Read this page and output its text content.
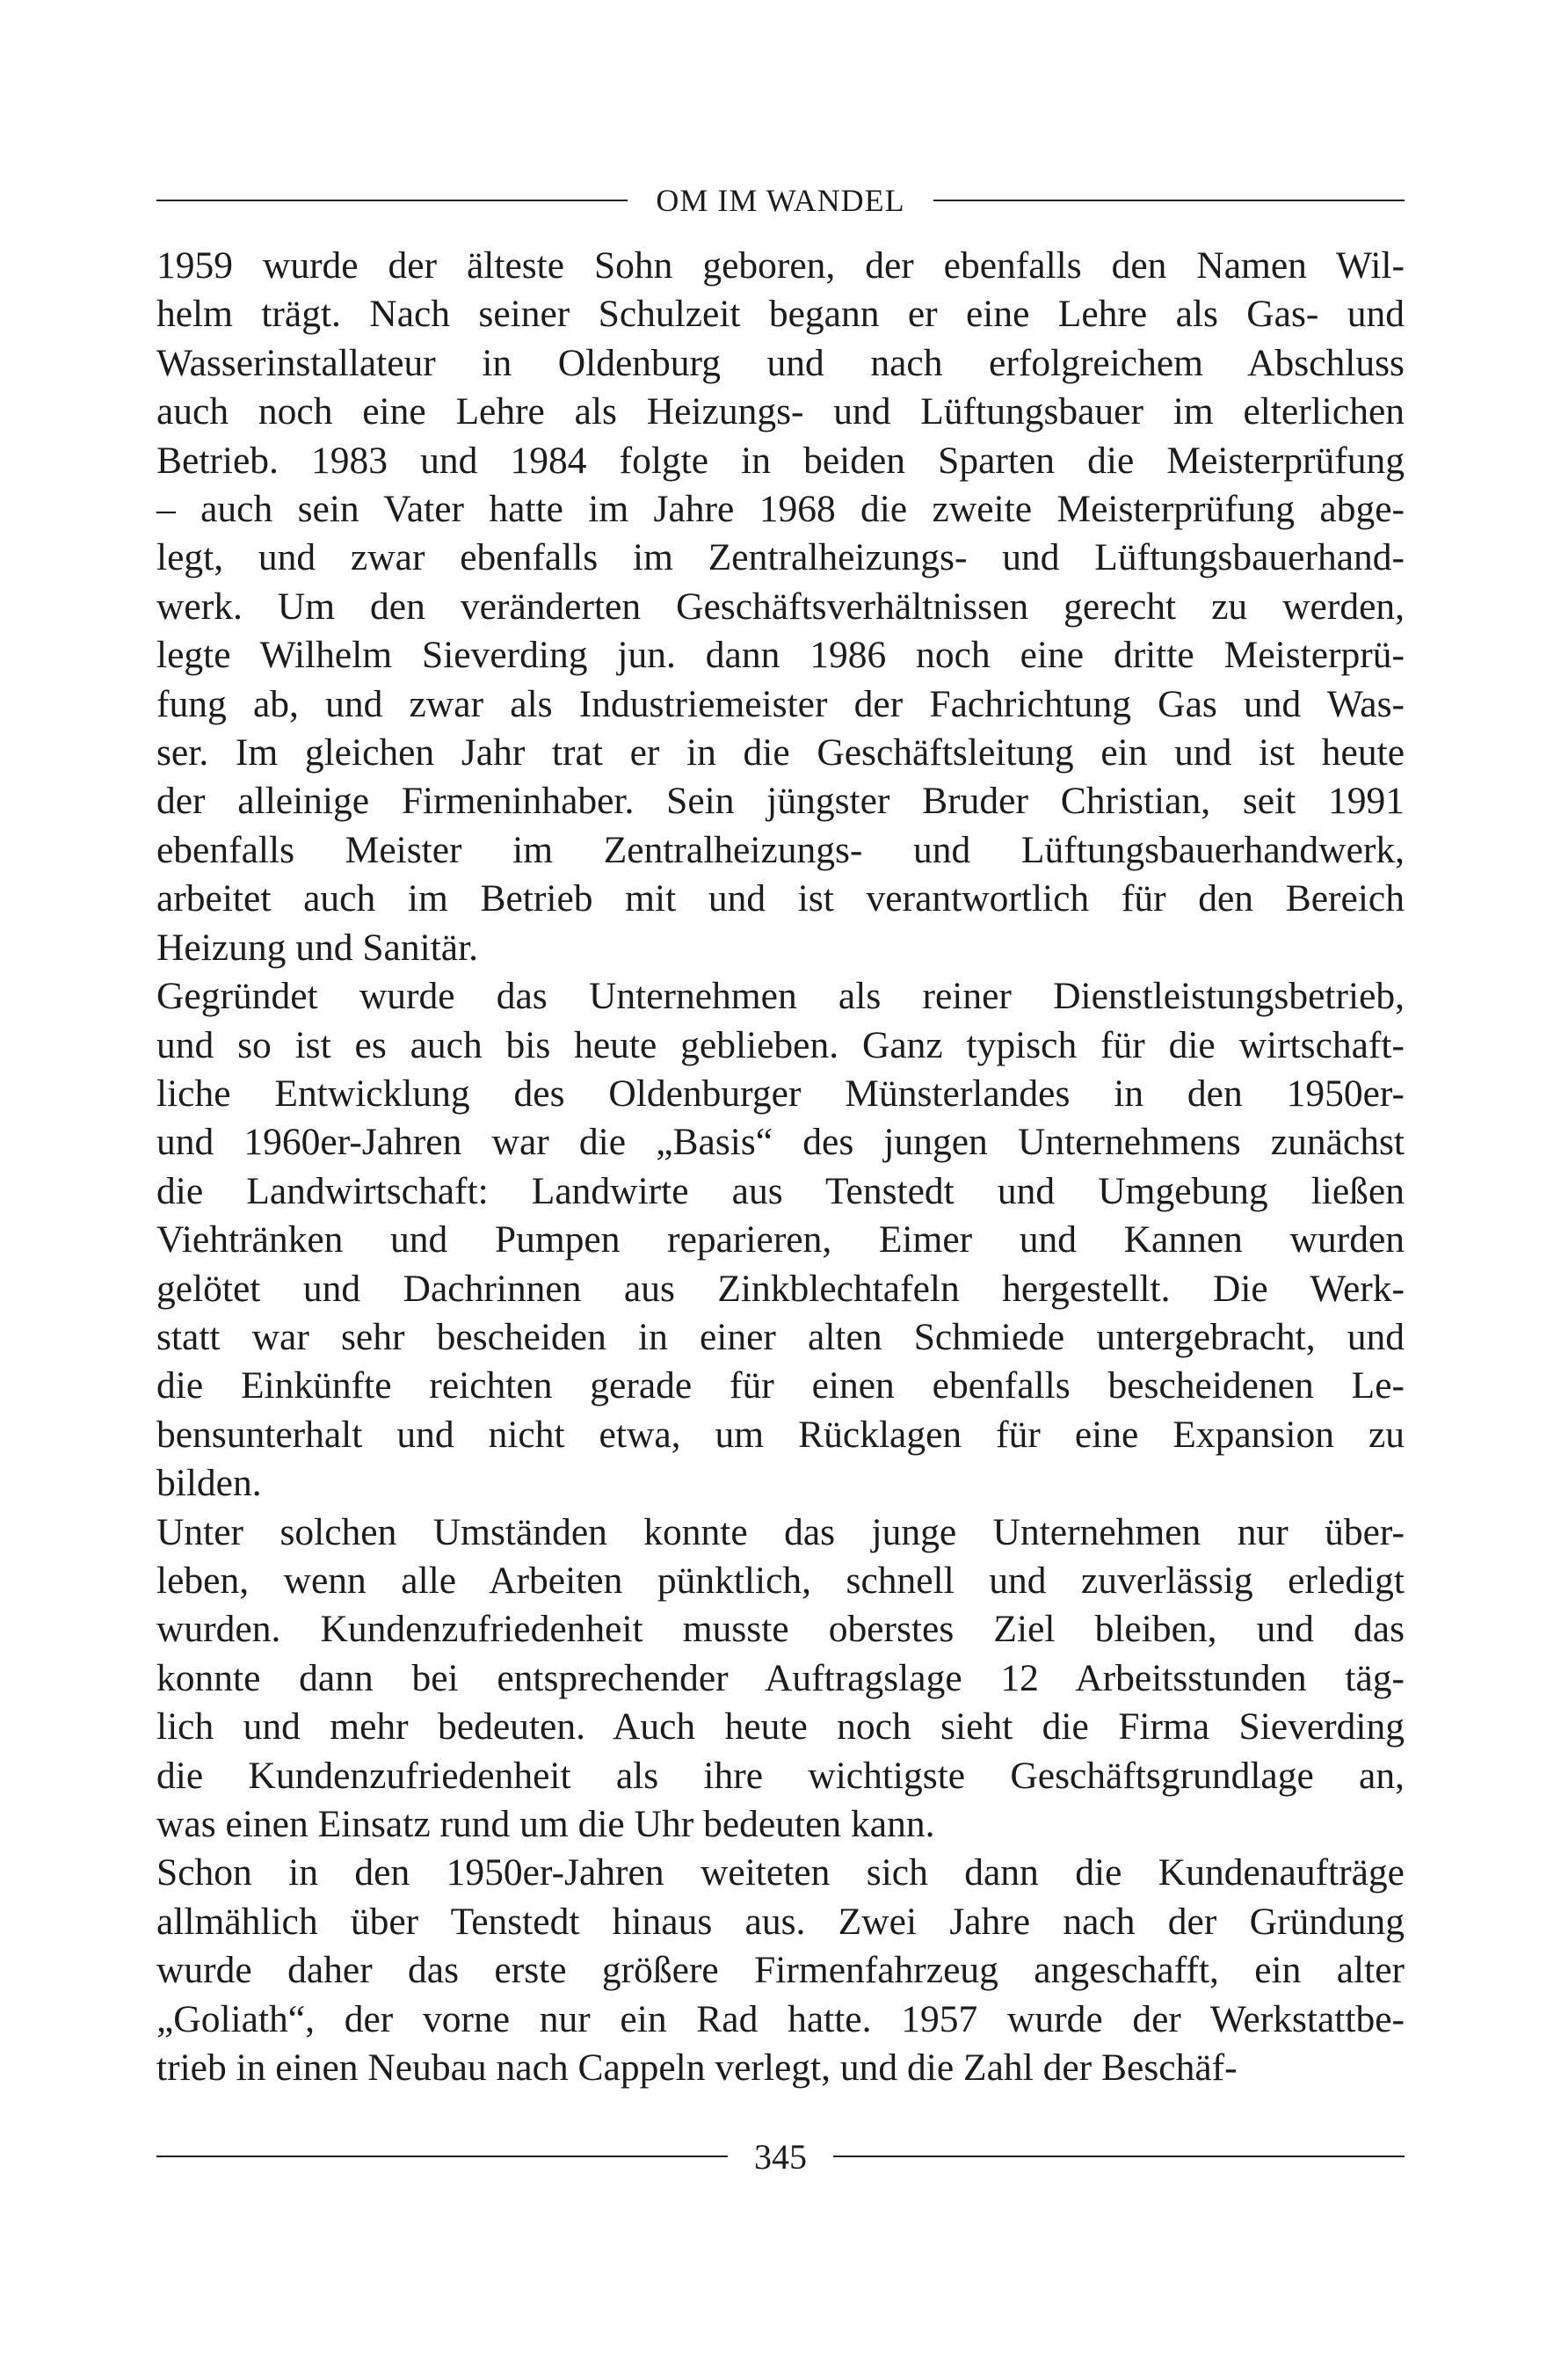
OM IM WANDEL

1959 wurde der älteste Sohn geboren, der ebenfalls den Namen Wil-
helm trägt. Nach seiner Schulzeit begann er eine Lehre als Gas- und
Wasserinstallateur in Oldenburg und nach erfolgreichem Abschluss
auch noch eine Lehre als Heizungs- und Lüftungsbauer im elterlichen
Betrieb. 1983 und 1984 folgte in beiden Sparten die Meisterprüfung
– auch sein Vater hatte im Jahre 1968 die zweite Meisterprüfung abge-
legt, und zwar ebenfalls im Zentralheizungs- und Lüftungsbauerhand-
werk. Um den veränderten Geschäftsverhältnissen gerecht zu werden,
legte Wilhelm Sieverding jun. dann 1986 noch eine dritte Meisterprü-
fung ab, und zwar als Industriemeister der Fachrichtung Gas und Was-
ser. Im gleichen Jahr trat er in die Geschäftsleitung ein und ist heute
der alleinige Firmeninhaber. Sein jüngster Bruder Christian, seit 1991
ebenfalls Meister im Zentralheizungs- und Lüftungsbauerhandwerk,
arbeitet auch im Betrieb mit und ist verantwortlich für den Bereich
Heizung und Sanitär.

Gegründet wurde das Unternehmen als reiner Dienstleistungsbetrieb,
und so ist es auch bis heute geblieben. Ganz typisch für die wirtschaft-
liche Entwicklung des Oldenburger Münsterlandes in den 1950er-
und 1960er-Jahren war die „Basis“ des jungen Unternehmens zunächst
die Landwirtschaft: Landwirte aus Tenstedt und Umgebung ließen
Viehtränken und Pumpen reparieren, Eimer und Kannen wurden
gelötet und Dachrinnen aus Zinkblechtafeln hergestellt. Die Werk-
statt war sehr bescheiden in einer alten Schmiede untergebracht, und
die Einkünfte reichten gerade für einen ebenfalls bescheidenen Le-
bensunterhalt und nicht etwa, um Rücklagen für eine Expansion zu
bilden.

Unter solchen Umständen konnte das junge Unternehmen nur über-
leben, wenn alle Arbeiten pünktlich, schnell und zuverlässig erledigt
wurden. Kundenzufriedenheit musste oberstes Ziel bleiben, und das
konnte dann bei entsprechender Auftragslage 12 Arbeitsstunden täg-
lich und mehr bedeuten. Auch heute noch sieht die Firma Sieverding
die Kundenzufriedenheit als ihre wichtigste Geschäftsgrundlage an,
was einen Einsatz rund um die Uhr bedeuten kann.

Schon in den 1950er-Jahren weiteten sich dann die Kundenaufträge
allmählich über Tenstedt hinaus aus. Zwei Jahre nach der Gründung
wurde daher das erste größere Firmenfahrzeug angeschafft, ein alter
„Goliath“, der vorne nur ein Rad hatte. 1957 wurde der Werkstattbe-
trieb in einen Neubau nach Cappeln verlegt, und die Zahl der Beschäf-

345
